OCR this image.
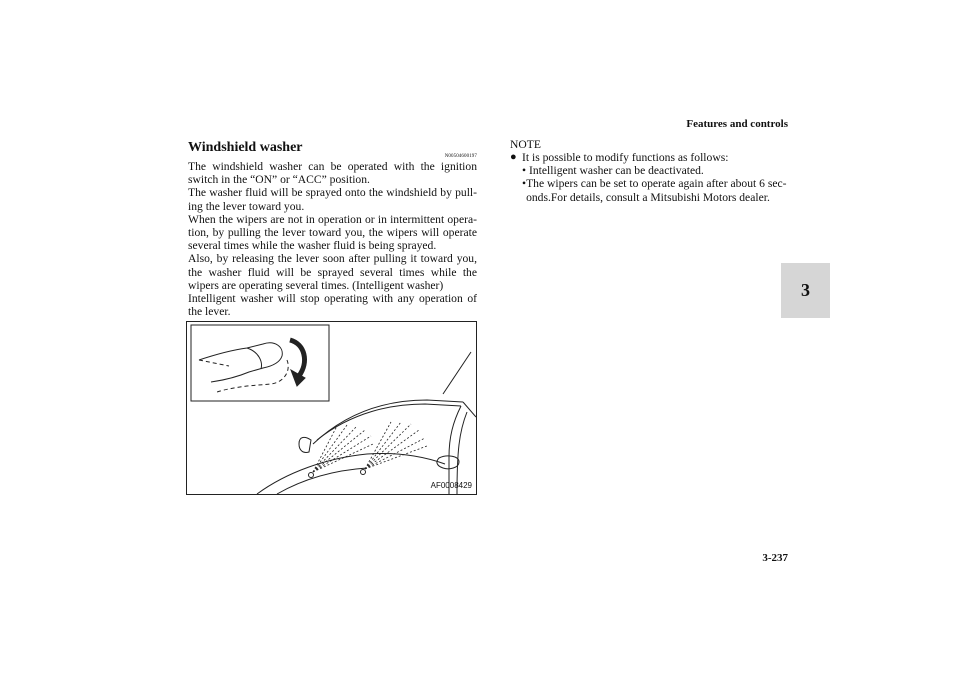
Features and controls
3
Windshield washer
N00504600197

The windshield washer can be operated with the ignition switch in the “ON” or “ACC” position.

The washer fluid will be sprayed onto the windshield by pull-ing the lever toward you.

When the wipers are not in operation or in intermittent opera-tion, by pulling the lever toward you, the wipers will operate several times while the washer fluid is being sprayed.

Also, by releasing the lever soon after pulling it toward you, the washer fluid will be sprayed several times while the wipers are operating several times. (Intelligent washer)

Intelligent washer will stop operating with any operation of the lever.

AF0008429
NOTE
● It is possible to modify functions as follows:
• Intelligent washer can be deactivated.
• The wipers can be set to operate again after about 6 sec-onds.For details, consult a Mitsubishi Motors dealer.
3-237
